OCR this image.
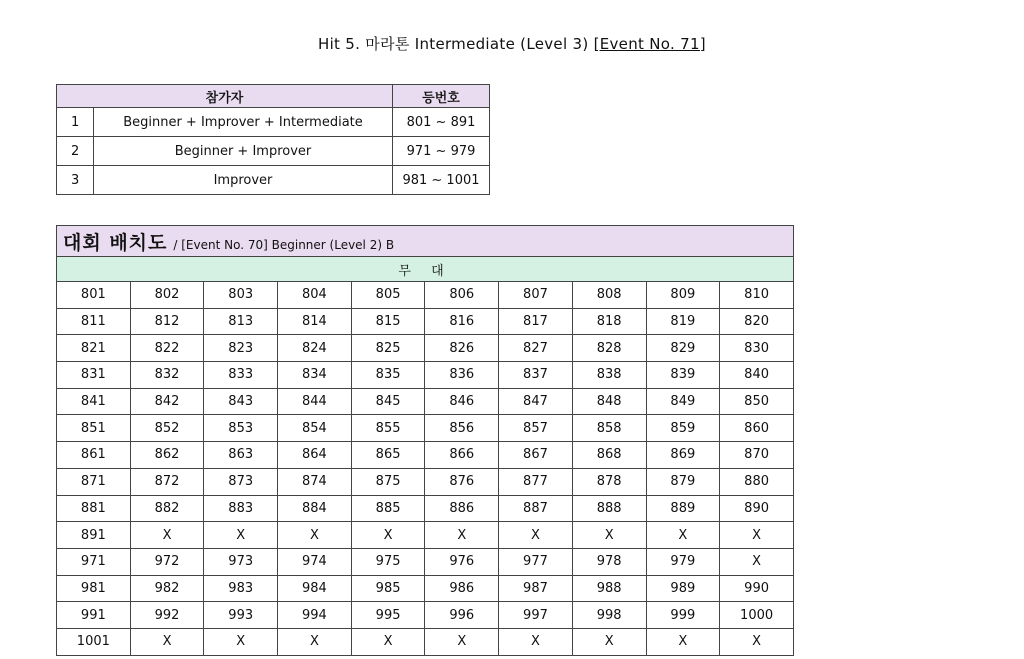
Hit 5. 마라톤 Intermediate (Level 3) [Event No. 71]
참가자		등번호
1	Beginner + Improver + Intermediate	801 ~ 891
2	Beginner + Improver	971 ~ 979
3	Improver	981 ~ 1001
대회 배치도 / [Event No. 70] Beginner (Level 2) B									
무 대									
801	802	803	804	805	806	807	808	809	810
811	812	813	814	815	816	817	818	819	820
821	822	823	824	825	826	827	828	829	830
831	832	833	834	835	836	837	838	839	840
841	842	843	844	845	846	847	848	849	850
851	852	853	854	855	856	857	858	859	860
861	862	863	864	865	866	867	868	869	870
871	872	873	874	875	876	877	878	879	880
881	882	883	884	885	886	887	888	889	890
891	X	X	X	X	X	X	X	X	X
971	972	973	974	975	976	977	978	979	X
981	982	983	984	985	986	987	988	989	990
991	992	993	994	995	996	997	998	999	1000
1001	X	X	X	X	X	X	X	X	X
